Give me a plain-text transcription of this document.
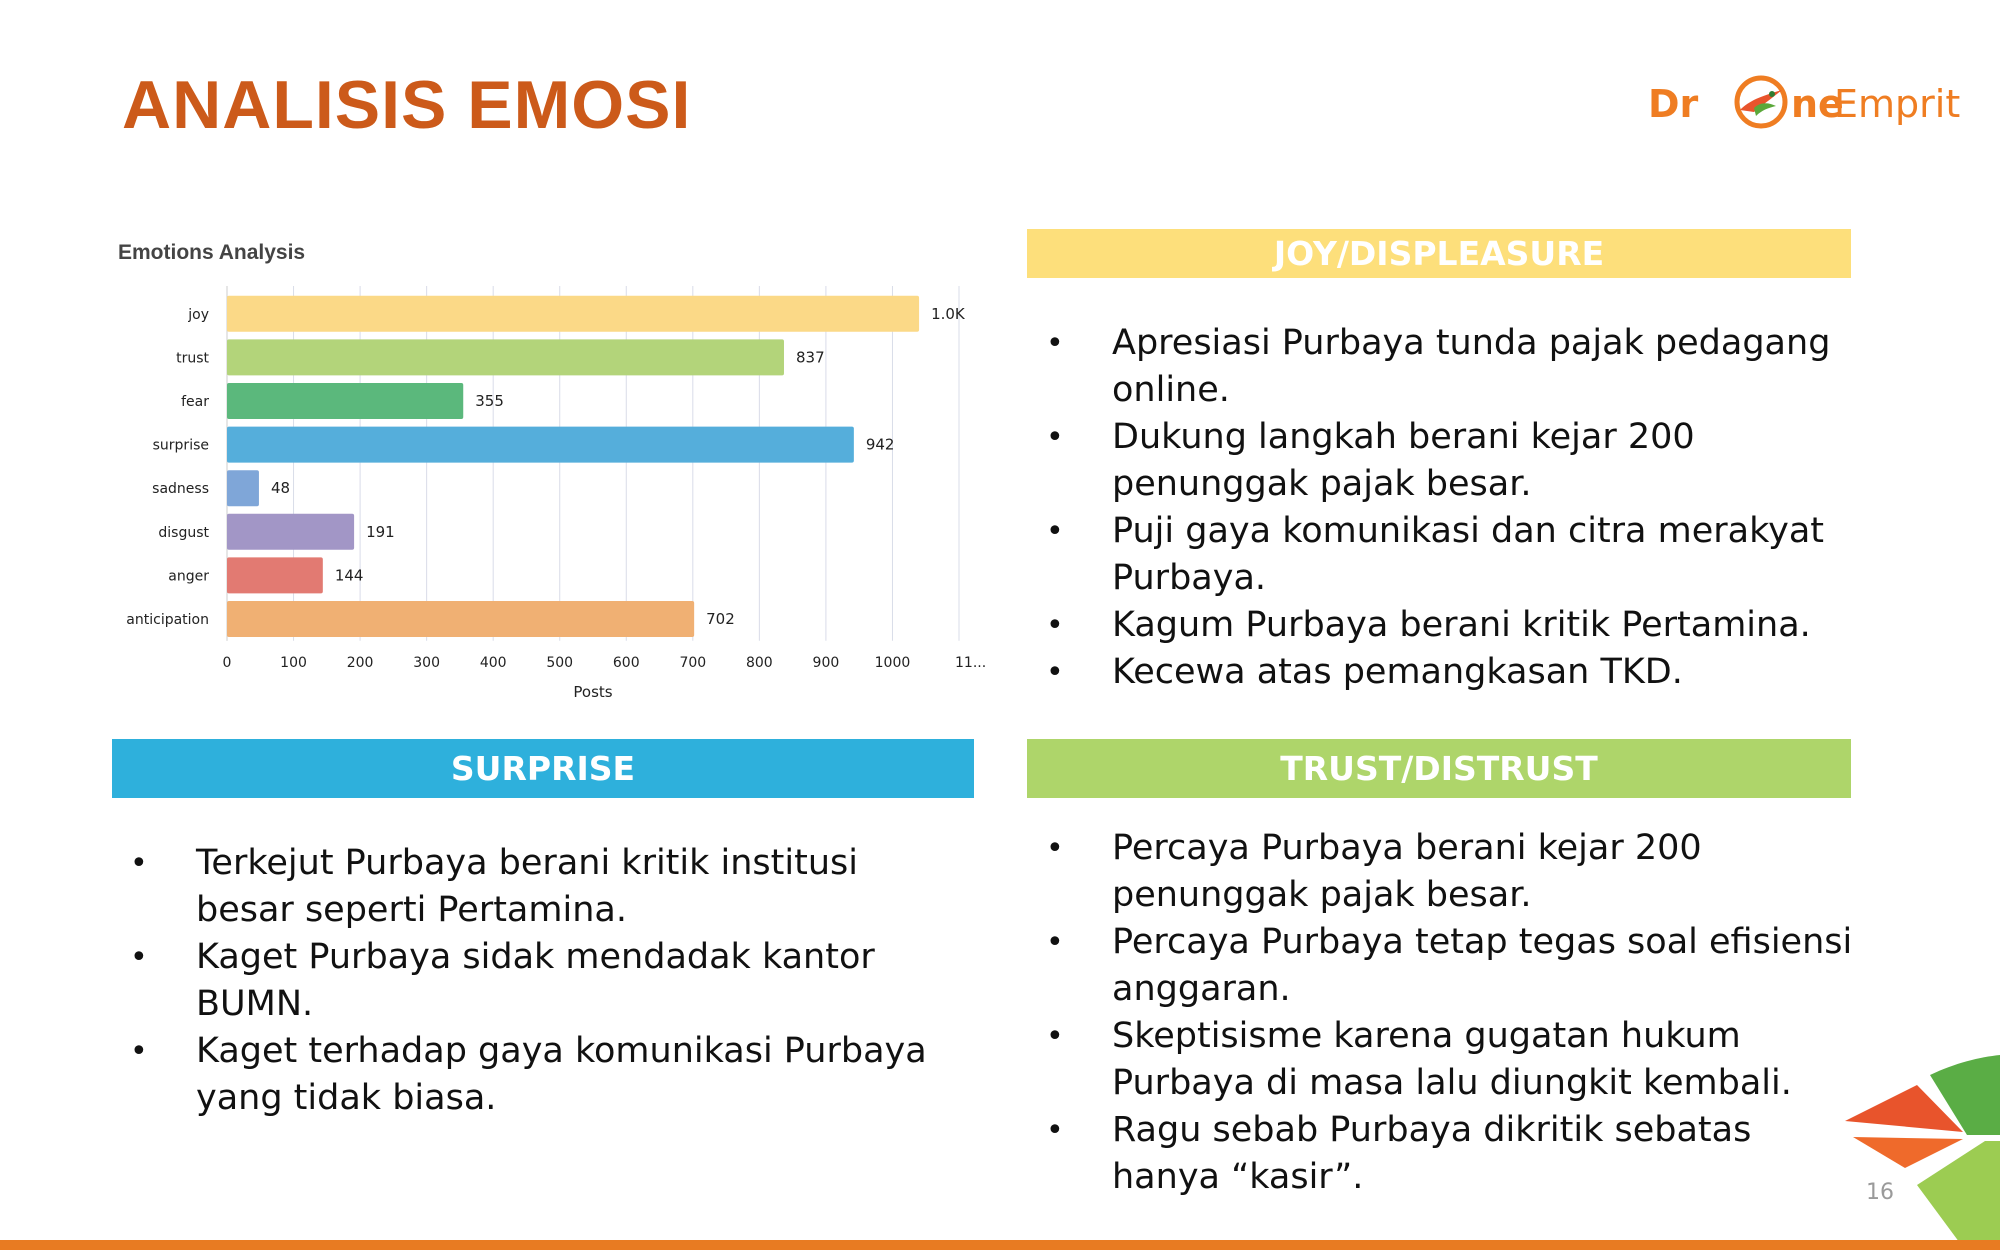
ANALISIS EMOSI	Dr ne
Emprit
Emotions Analysis
0	100	200	300	400	500	600	700	800	900	1000	11...
joy	1.0K
trust	837
fear	355
surprise	942
sadness	48
disgust	191
anger	144
anticipation	702
Posts
JOY/DISPLEASURE
• Apresiasi Purbaya tunda pajak pedagang online.
• Dukung langkah berani kejar 200 penunggak pajak besar.
• Puji gaya komunikasi dan citra merakyat Purbaya.
• Kagum Purbaya berani kritik Pertamina.
• Kecewa atas pemangkasan TKD.
SURPRISE
• Terkejut Purbaya berani kritik institusi besar seperti Pertamina.
• Kaget Purbaya sidak mendadak kantor BUMN.
• Kaget terhadap gaya komunikasi Purbaya yang tidak biasa.
TRUST/DISTRUST
• Percaya Purbaya berani kejar 200 penunggak pajak besar.
• Percaya Purbaya tetap tegas soal efisiensi anggaran.
• Skeptisisme karena gugatan hukum Purbaya di masa lalu diungkit kembali.
• Ragu sebab Purbaya dikritik sebatas hanya “kasir”.	16
